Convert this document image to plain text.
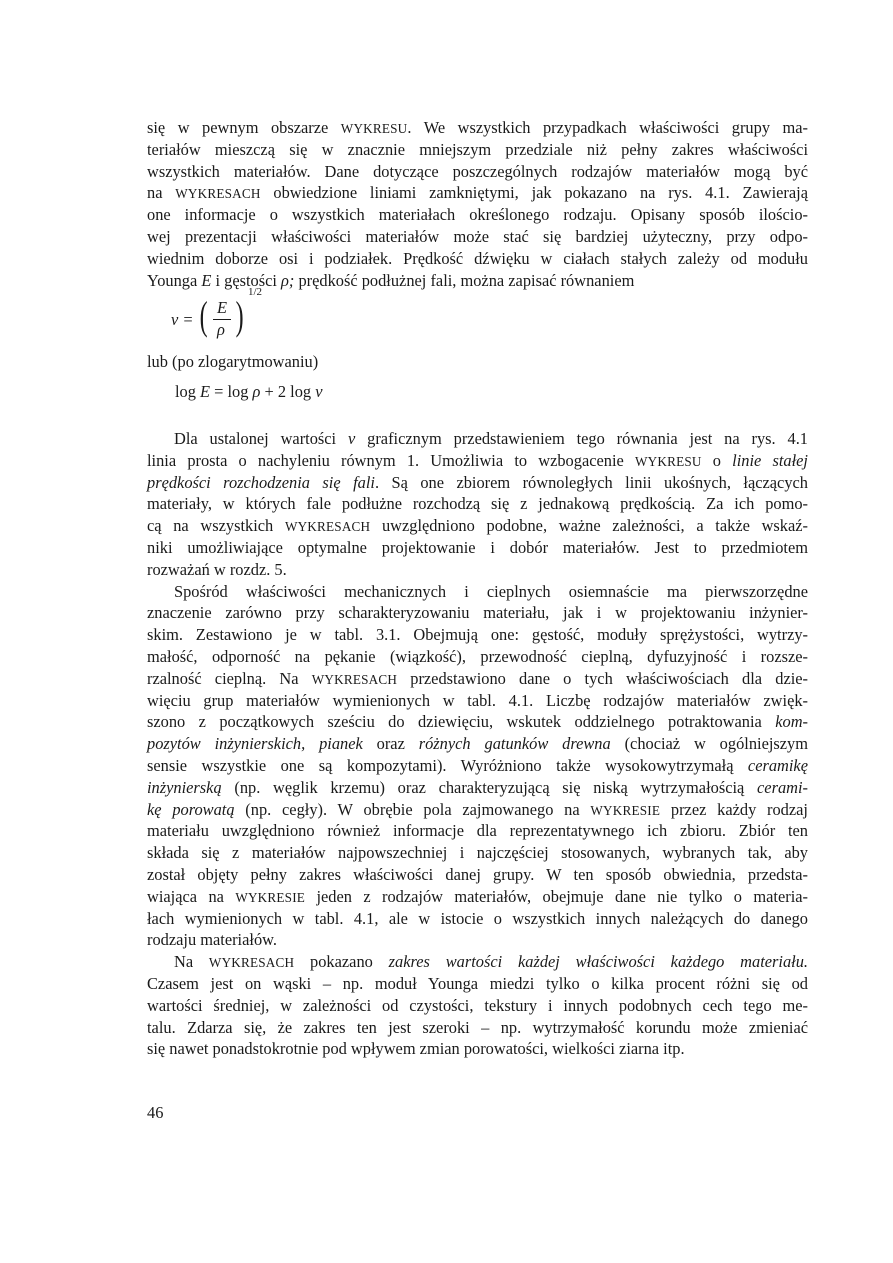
się w pewnym obszarze WYKRESU. We wszystkich przypadkach właściwości grupy ma-
teriałów mieszczą się w znacznie mniejszym przedziale niż pełny zakres właściwości
wszystkich materiałów. Dane dotyczące poszczególnych rodzajów materiałów mogą być
na WYKRESACH obwiedzione liniami zamkniętymi, jak pokazano na rys. 4.1. Zawierają
one informacje o wszystkich materiałach określonego rodzaju. Opisany sposób ilościo-
wej prezentacji właściwości materiałów może stać się bardziej użyteczny, przy odpo-
wiednim doborze osi i podziałek. Prędkość dźwięku w ciałach stałych zależy od modułu
Younga E i gęstości ρ; prędkość podłużnej fali, można zapisać równaniem
v = ( E
ρ )
1/2
lub (po zlogarytmowaniu)
log E = log ρ + 2 log v
Dla ustalonej wartości v graficznym przedstawieniem tego równania jest na rys. 4.1
linia prosta o nachyleniu równym 1. Umożliwia to wzbogacenie WYKRESU o linie stałej
prędkości rozchodzenia się fali. Są one zbiorem równoległych linii ukośnych, łączących
materiały, w których fale podłużne rozchodzą się z jednakową prędkością. Za ich pomo-
cą na wszystkich WYKRESACH uwzględniono podobne, ważne zależności, a także wskaź-
niki umożliwiające optymalne projektowanie i dobór materiałów. Jest to przedmiotem
rozważań w rozdz. 5.
Spośród właściwości mechanicznych i cieplnych osiemnaście ma pierwszorzędne
znaczenie zarówno przy scharakteryzowaniu materiału, jak i w projektowaniu inżynier-
skim. Zestawiono je w tabl. 3.1. Obejmują one: gęstość, moduły sprężystości, wytrzy-
małość, odporność na pękanie (wiązkość), przewodność cieplną, dyfuzyjność i rozsze-
rzalność cieplną. Na WYKRESACH przedstawiono dane o tych właściwościach dla dzie-
więciu grup materiałów wymienionych w tabl. 4.1. Liczbę rodzajów materiałów zwięk-
szono z początkowych sześciu do dziewięciu, wskutek oddzielnego potraktowania kom-
pozytów inżynierskich, pianek oraz różnych gatunków drewna (chociaż w ogólniejszym
sensie wszystkie one są kompozytami). Wyróżniono także wysokowytrzymałą ceramikę
inżynierską (np. węglik krzemu) oraz charakteryzującą się niską wytrzymałością cerami-
kę porowatą (np. cegły). W obrębie pola zajmowanego na WYKRESIE przez każdy rodzaj
materiału uwzględniono również informacje dla reprezentatywnego ich zbioru. Zbiór ten
składa się z materiałów najpowszechniej i najczęściej stosowanych, wybranych tak, aby
został objęty pełny zakres właściwości danej grupy. W ten sposób obwiednia, przedsta-
wiająca na WYKRESIE jeden z rodzajów materiałów, obejmuje dane nie tylko o materia-
łach wymienionych w tabl. 4.1, ale w istocie o wszystkich innych należących do danego
rodzaju materiałów.
Na WYKRESACH pokazano zakres wartości każdej właściwości każdego materiału.
Czasem jest on wąski – np. moduł Younga miedzi tylko o kilka procent różni się od
wartości średniej, w zależności od czystości, tekstury i innych podobnych cech tego me-
talu. Zdarza się, że zakres ten jest szeroki – np. wytrzymałość korundu może zmieniać
się nawet ponadstokrotnie pod wpływem zmian porowatości, wielkości ziarna itp.
46
